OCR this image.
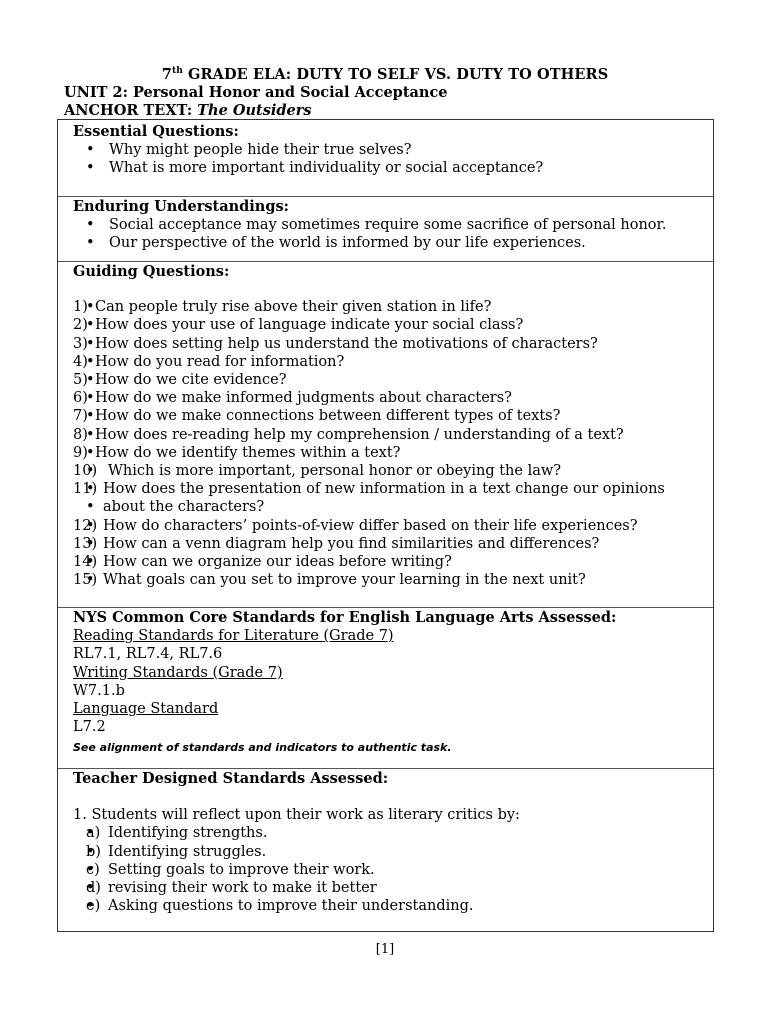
7th GRADE ELA: DUTY TO SELF VS. DUTY TO OTHERS
UNIT 2: Personal Honor and Social Acceptance
ANCHOR TEXT: The Outsiders
Essential Questions:
• Why might people hide their true selves?
• What is more important individuality or social acceptance?
Enduring Understandings:
• Social acceptance may sometimes require some sacrifice of personal honor.
• Our perspective of the world is informed by our life experiences.
Guiding Questions:
• 1) Can people truly rise above their given station in life?
• 2) How does your use of language indicate your social class?
• 3) How does setting help us understand the motivations of characters?
• 4) How do you read for information?
• 5) How do we cite evidence?
• 6) How do we make informed judgments about characters?
• 7) How do we make connections between different types of texts?
• 8) How does re-reading help my comprehension / understanding of a text?
• 9) How do we identify themes within a text?
• 10) Which is more important, personal honor or obeying the law?
• 11) How does the presentation of new information in a text change our opinions
• about the characters?
• 12) How do characters’ points-of-view differ based on their life experiences?
• 13) How can a venn diagram help you find similarities and differences?
• 14) How can we organize our ideas before writing?
• 15) What goals can you set to improve your learning in the next unit?
NYS Common Core Standards for English Language Arts Assessed:
Reading Standards for Literature (Grade 7)
RL7.1, RL7.4, RL7.6
Writing Standards (Grade 7)
W7.1.b
Language Standard
L7.2
See alignment of standards and indicators to authentic task.
Teacher Designed Standards Assessed:
1. Students will reflect upon their work as literary critics by:
• a) Identifying strengths.
• b) Identifying struggles.
• c) Setting goals to improve their work.
• d) revising their work to make it better
• e) Asking questions to improve their understanding.
[1]
